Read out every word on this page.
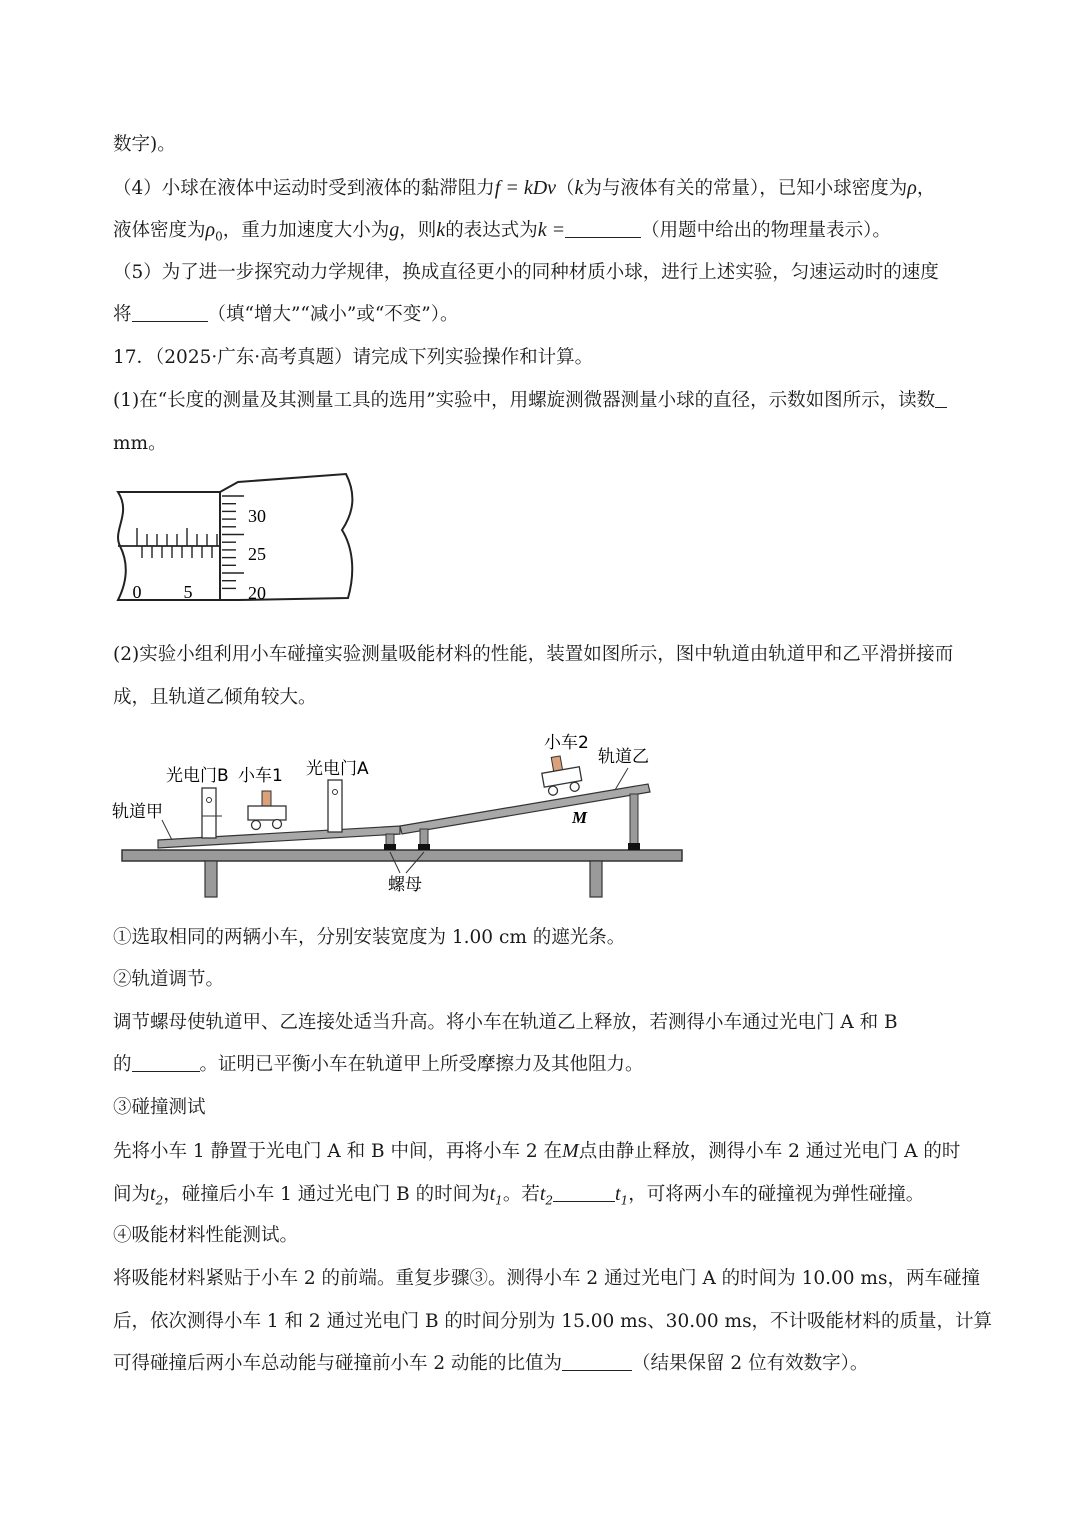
数字)。
（4）小球在液体中运动时受到液体的黏滞阻力f = kDv（k为与液体有关的常量），已知小球密度为ρ，
液体密度为$\rho_0$，重力加速度大小为g，则k的表达式为k =	（用题中给出的物理量表示）。
（5）为了进一步探究动力学规律，换成直径更小的同种材质小球，进行上述实验，匀速运动时的速度
将	（填“增大”“减小”或“不变”）。
17．（2025·广东·高考真题）请完成下列实验操作和计算。
(1)在“长度的测量及其测量工具的选用”实验中，用螺旋测微器测量小球的直径，示数如图所示，读数
mm。
0 5
30
25
20
(2)实验小组利用小车碰撞实验测量吸能材料的性能，装置如图所示，图中轨道由轨道甲和乙平滑拼接而
成，且轨道乙倾角较大。
小车2
轨道乙
光电门B 小车1 光电门A
轨道甲	M
螺母
①选取相同的两辆小车，分别安装宽度为 1.00 cm 的遮光条。
②轨道调节。
调节螺母使轨道甲、乙连接处适当升高。将小车在轨道乙上释放，若测得小车通过光电门 A 和 B
的	。证明已平衡小车在轨道甲上所受摩擦力及其他阻力。
③碰撞测试
先将小车 1 静置于光电门 A 和 B 中间，再将小车 2 在M点由静止释放，测得小车 2 通过光电门 A 的时
间为$t_2$，碰撞后小车 1 通过光电门 B 的时间为$t_1$。若$t_2$	$t_1$，可将两小车的碰撞视为弹性碰撞。
④吸能材料性能测试。
将吸能材料紧贴于小车 2 的前端。重复步骤③。测得小车 2 通过光电门 A 的时间为 10.00 ms，两车碰撞
后，依次测得小车 1 和 2 通过光电门 B 的时间分别为 15.00 ms、30.00 ms，不计吸能材料的质量，计算
可得碰撞后两小车总动能与碰撞前小车 2 动能的比值为	（结果保留 2 位有效数字）。
